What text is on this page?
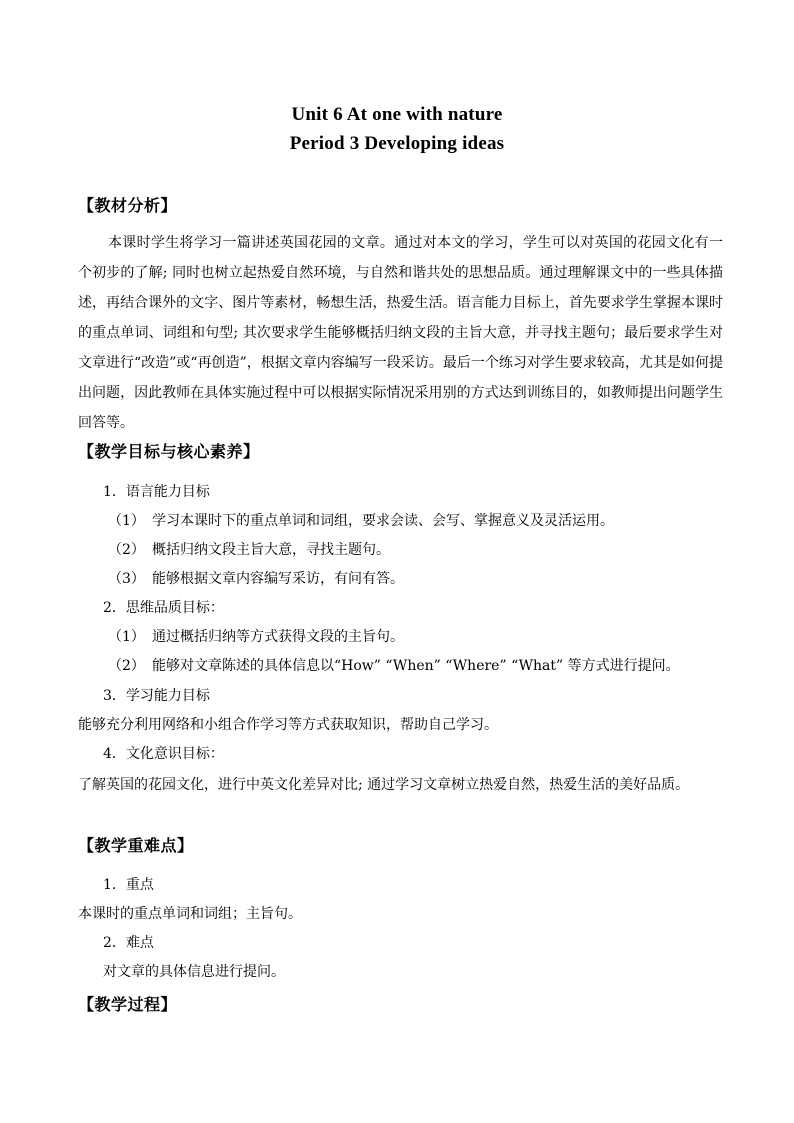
Unit 6 At one with nature
Period 3 Developing ideas
【教材分析】
本课时学生将学习一篇讲述英国花园的文章。通过对本文的学习，学生可以对英国的花园文化有一个初步的了解; 同时也树立起热爱自然环境，与自然和谐共处的思想品质。通过理解课文中的一些具体描述，再结合课外的文字、图片等素材，畅想生活，热爱生活。语言能力目标上，首先要求学生掌握本课时的重点单词、词组和句型; 其次要求学生能够概括归纳文段的主旨大意，并寻找主题句；最后要求学生对文章进行“改造”或“再创造”，根据文章内容编写一段采访。最后一个练习对学生要求较高，尤其是如何提出问题，因此教师在具体实施过程中可以根据实际情况采用别的方式达到训练目的，如教师提出问题学生回答等。
【教学目标与核心素养】
1．语言能力目标
（1） 学习本课时下的重点单词和词组，要求会读、会写、掌握意义及灵活运用。
（2） 概括归纳文段主旨大意，寻找主题句。
（3） 能够根据文章内容编写采访，有问有答。
2．思维品质目标：
（1） 通过概括归纳等方式获得文段的主旨句。
（2） 能够对文章陈述的具体信息以“How” “When” “Where” “What” 等方式进行提问。
3．学习能力目标
能够充分利用网络和小组合作学习等方式获取知识，帮助自己学习。
4．文化意识目标：
了解英国的花园文化，进行中英文化差异对比; 通过学习文章树立热爱自然，热爱生活的美好品质。
【教学重难点】
1．重点
本课时的重点单词和词组；主旨句。
2．难点
对文章的具体信息进行提问。
【教学过程】
